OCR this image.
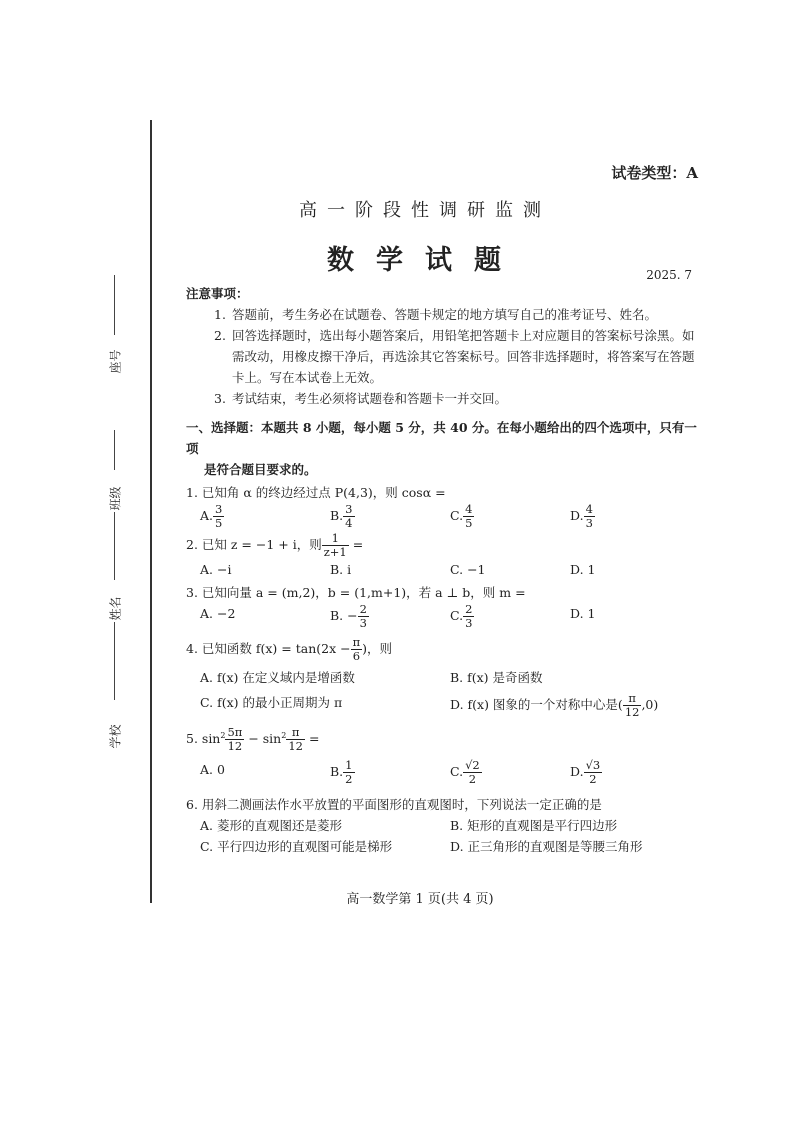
座号
班级
姓名
学校
试卷类型：A
高一阶段性调研监测
数学试题	2025. 7
注意事项：
1. 答题前，考生务必在试题卷、答题卡规定的地方填写自己的准考证号、姓名。
2. 回答选择题时，选出每小题答案后，用铅笔把答题卡上对应题目的答案标号涂黑。如需改动，用橡皮擦干净后，再选涂其它答案标号。回答非选择题时，将答案写在答题卡上。写在本试卷上无效。
3. 考试结束，考生必须将试题卷和答题卡一并交回。
一、选择题：本题共 8 小题，每小题 5 分，共 40 分。在每小题给出的四个选项中，只有一项
是符合题目要求的。
1. 已知角 α 的终边经过点 P(4,3)，则 cosα =
A. $\frac{3}{5}$	B. $\frac{3}{4}$	C. $\frac{4}{5}$	D. $\frac{4}{3}$
2. 已知 z = −1 + i，则 $\frac{1}{z+1}$ =
A. −i	B. i	C. −1	D. 1
3. 已知向量 a = (m,2)，b = (1,m+1)，若 a ⊥ b，则 m =
A. −2	B. − $\frac{2}{3}$	C. $\frac{2}{3}$	D. 1
4. 已知函数 $f(x) = \tan(2x - \frac{\pi}{6}$ )，则
A. f(x) 在定义域内是增函数	B. f(x) 是奇函数
C. f(x) 的最小正周期为 π	D. f(x) 图象的一个对称中心是( $\frac{\pi}{12} ,0$)
5. $\sin^2 \frac{5\pi}{12} - \sin^2 \frac{\pi}{12}$ =
A. 0	B. $\frac{1}{2}$	C. $\frac{√2}{2}$	D. $\frac{√3}{2}$
6. 用斜二测画法作水平放置的平面图形的直观图时，下列说法一定正确的是
A. 菱形的直观图还是菱形	B. 矩形的直观图是平行四边形
C. 平行四边形的直观图可能是梯形	D. 正三角形的直观图是等腰三角形
高一数学第 1 页(共 4 页)
